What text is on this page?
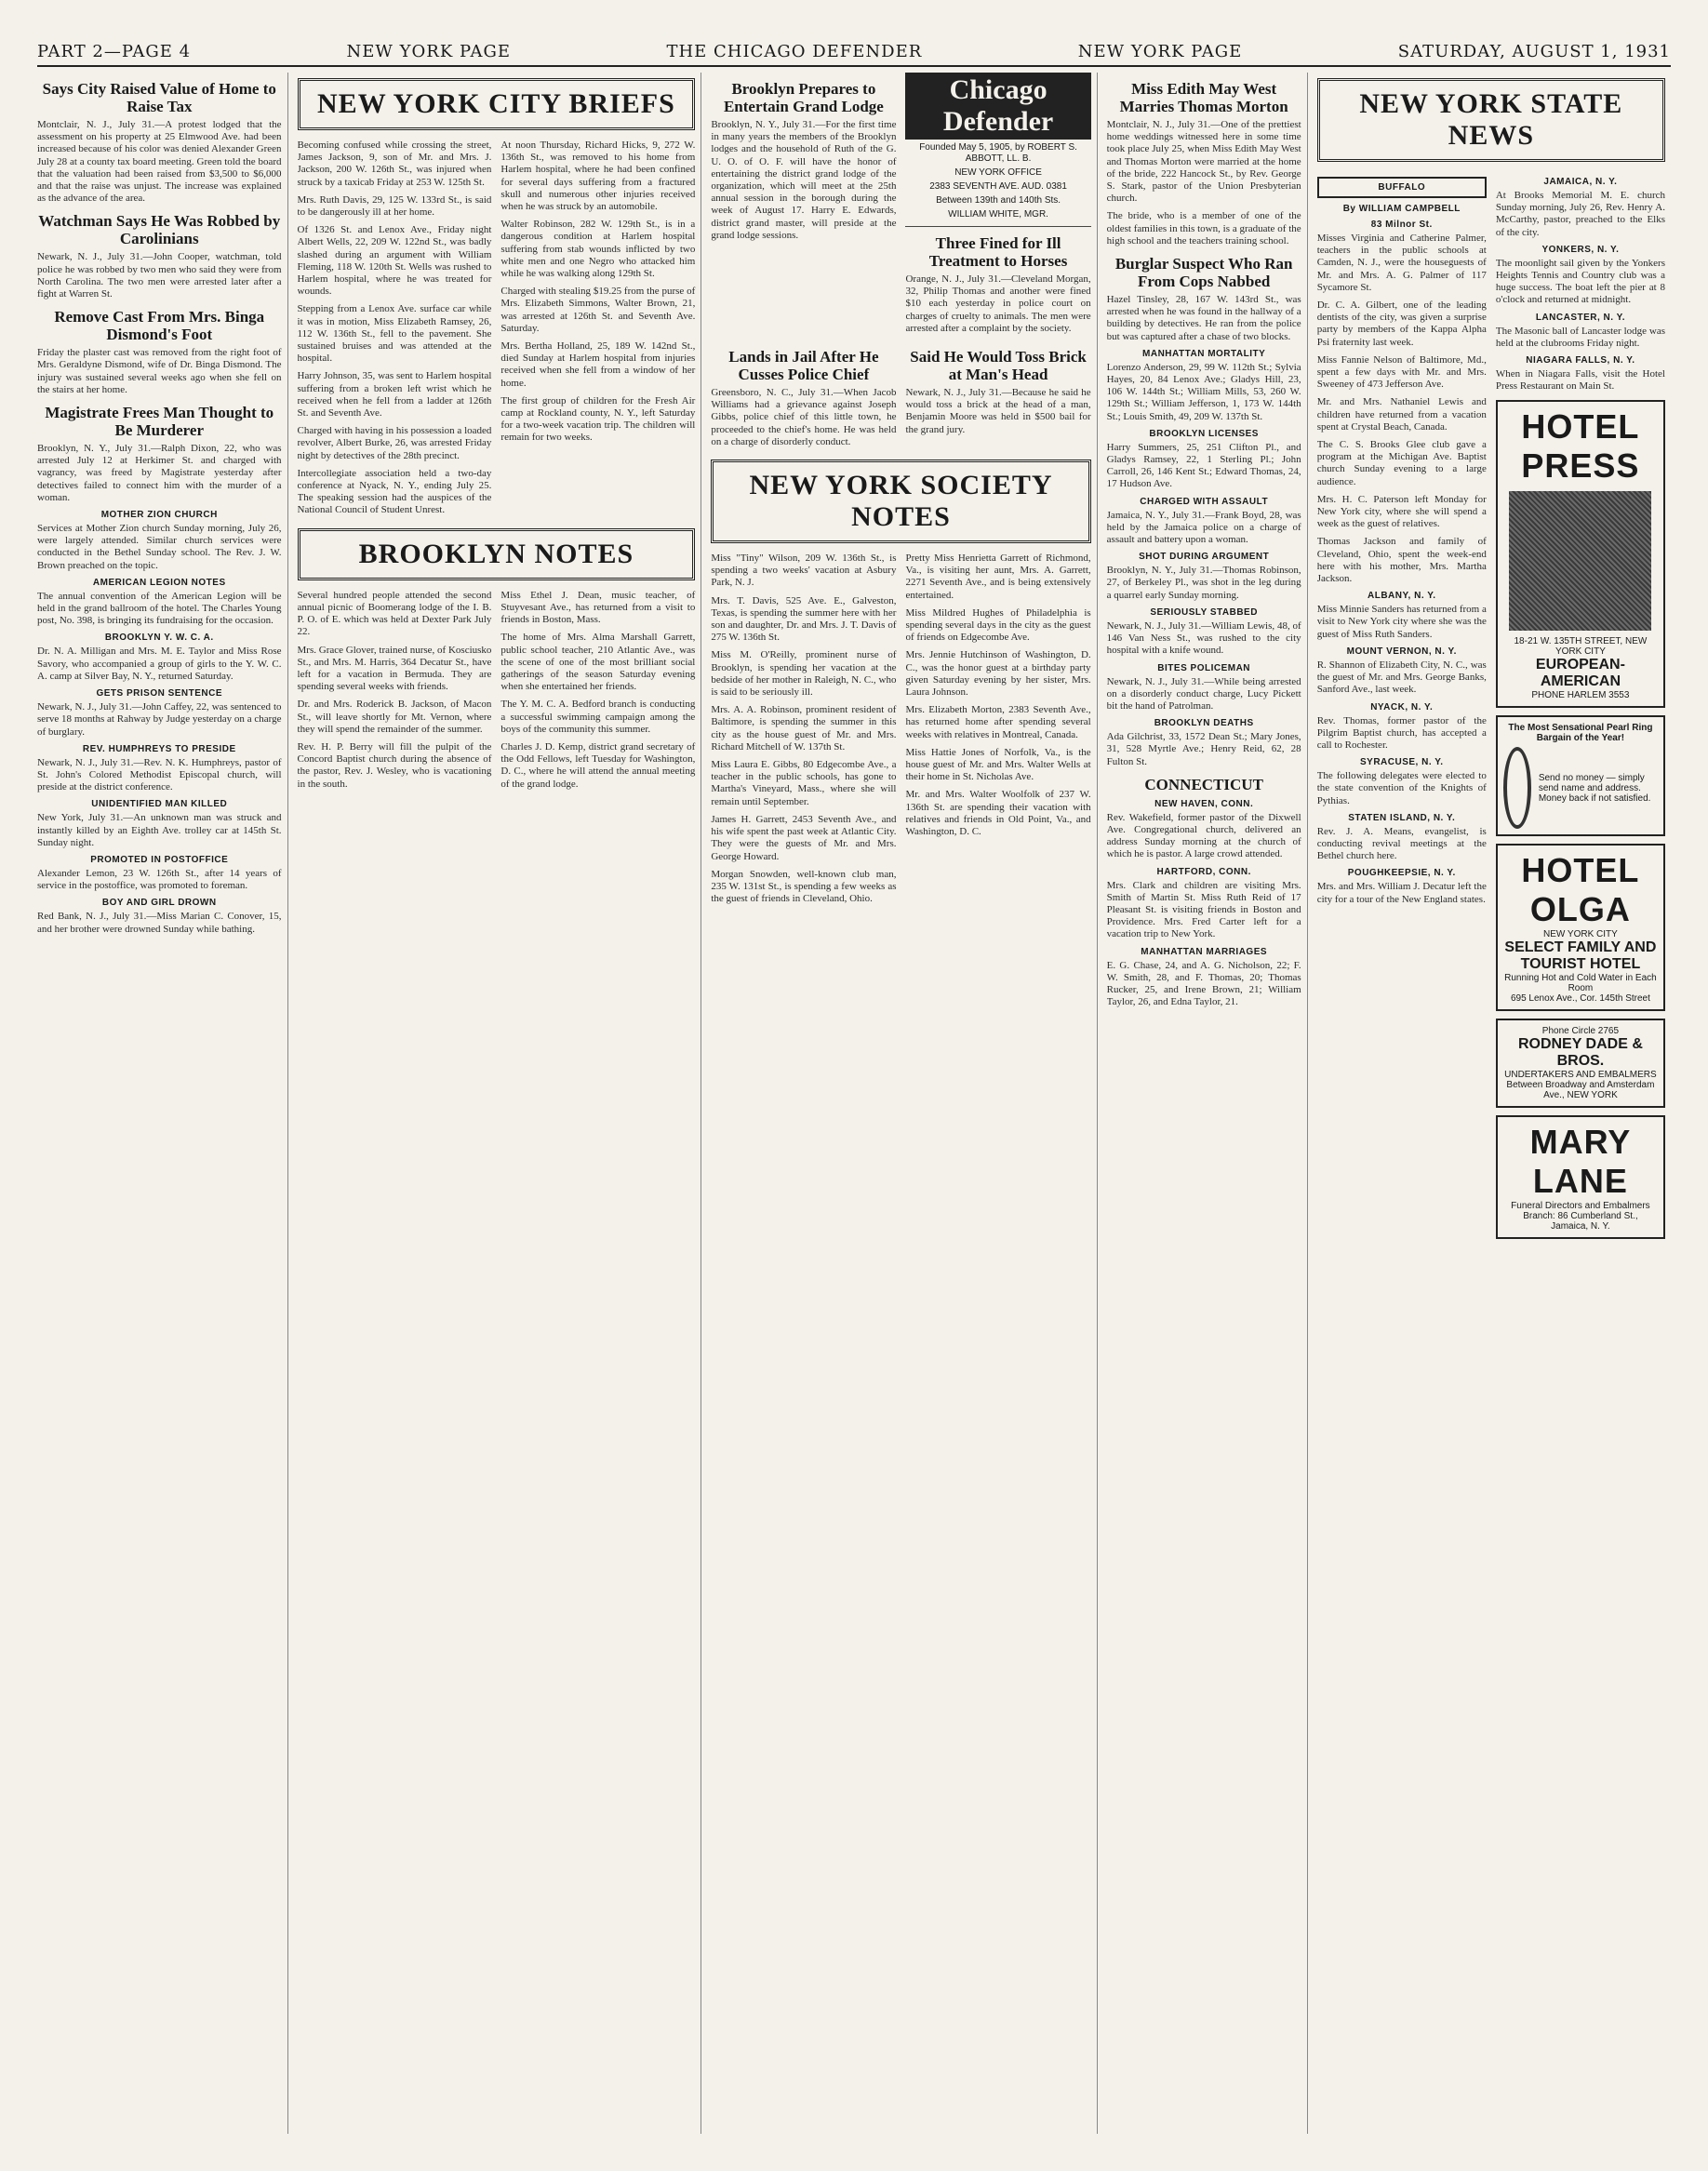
PART 2—PAGE 4	NEW YORK PAGE	THE CHICAGO DEFENDER	NEW YORK PAGE	SATURDAY, AUGUST 1, 1931
Says City Raised Value of Home to Raise Tax

Montclair, N. J., July 31.—A protest lodged that the assessment on his property at 25 Elmwood Ave. had been increased because of his color was denied Alexander Green July 28 at a county tax board meeting. Green told the board that the valuation had been raised from $3,500 to $6,000 and that the raise was unjust. The increase was explained as the advance of the area.

Watchman Says He Was Robbed by Carolinians

Newark, N. J., July 31.—John Cooper, watchman, told police he was robbed by two men who said they were from North Carolina. The two men were arrested later after a fight at Warren St.

Remove Cast From Mrs. Binga Dismond's Foot

Friday the plaster cast was removed from the right foot of Mrs. Geraldyne Dismond, wife of Dr. Binga Dismond. The injury was sustained several weeks ago when she fell on the stairs at her home.

Magistrate Frees Man Thought to Be Murderer

Brooklyn, N. Y., July 31.—Ralph Dixon, 22, who was arrested July 12 at Herkimer St. and charged with vagrancy, was freed by Magistrate yesterday after detectives failed to connect him with the murder of a woman.

MOTHER ZION CHURCH

Services at Mother Zion church Sunday morning, July 26, were largely attended. Similar church services were conducted in the Bethel Sunday school. The Rev. J. W. Brown preached on the topic.

AMERICAN LEGION NOTES

The annual convention of the American Legion will be held in the grand ballroom of the hotel. The Charles Young post, No. 398, is bringing its fundraising for the occasion.

BROOKLYN Y. W. C. A.

Dr. N. A. Milligan and Mrs. M. E. Taylor and Miss Rose Savory, who accompanied a group of girls to the Y. W. C. A. camp at Silver Bay, N. Y., returned Saturday.

GETS PRISON SENTENCE

Newark, N. J., July 31.—John Caffey, 22, was sentenced to serve 18 months at Rahway by Judge yesterday on a charge of burglary.

REV. HUMPHREYS TO PRESIDE

Newark, N. J., July 31.—Rev. N. K. Humphreys, pastor of St. John's Colored Methodist Episcopal church, will preside at the district conference.

UNIDENTIFIED MAN KILLED

New York, July 31.—An unknown man was struck and instantly killed by an Eighth Ave. trolley car at 145th St. Sunday night.

PROMOTED IN POSTOFFICE

Alexander Lemon, 23 W. 126th St., after 14 years of service in the postoffice, was promoted to foreman.

BOY AND GIRL DROWN

Red Bank, N. J., July 31.—Miss Marian C. Conover, 15, and her brother were drowned Sunday while bathing.

NEW YORK CITY BRIEFS

Becoming confused while crossing the street, James Jackson, 9, son of Mr. and Mrs. J. Jackson, 200 W. 126th St., was injured when struck by a taxicab Friday at 253 W. 125th St.

Mrs. Ruth Davis, 29, 125 W. 133rd St., is said to be dangerously ill at her home.

Of 1326 St. and Lenox Ave., Friday night Albert Wells, 22, 209 W. 122nd St., was badly slashed during an argument with William Fleming, 118 W. 120th St. Wells was rushed to Harlem hospital, where he was treated for wounds.

Stepping from a Lenox Ave. surface car while it was in motion, Miss Elizabeth Ramsey, 26, 112 W. 136th St., fell to the pavement. She sustained bruises and was attended at the hospital.

Harry Johnson, 35, was sent to Harlem hospital suffering from a broken left wrist which he received when he fell from a ladder at 126th St. and Seventh Ave.

Charged with having in his possession a loaded revolver, Albert Burke, 26, was arrested Friday night by detectives of the 28th precinct.

Intercollegiate association held a two-day conference at Nyack, N. Y., ending July 25. The speaking session had the auspices of the National Council of Student Unrest.

At noon Thursday, Richard Hicks, 9, 272 W. 136th St., was removed to his home from Harlem hospital, where he had been confined for several days suffering from a fractured skull and numerous other injuries received when he was struck by an automobile.

Walter Robinson, 282 W. 129th St., is in a dangerous condition at Harlem hospital suffering from stab wounds inflicted by two white men and one Negro who attacked him while he was walking along 129th St.

Charged with stealing $19.25 from the purse of Mrs. Elizabeth Simmons, Walter Brown, 21, was arrested at 126th St. and Seventh Ave. Saturday.

Mrs. Bertha Holland, 25, 189 W. 142nd St., died Sunday at Harlem hospital from injuries received when she fell from a window of her home.

The first group of children for the Fresh Air camp at Rockland county, N. Y., left Saturday for a two-week vacation trip. The children will remain for two weeks.

BROOKLYN NOTES

Several hundred people attended the second annual picnic of Boomerang lodge of the I. B. P. O. of E. which was held at Dexter Park July 22.

Mrs. Grace Glover, trained nurse, of Kosciusko St., and Mrs. M. Harris, 364 Decatur St., have left for a vacation in Bermuda. They are spending several weeks with friends.

Dr. and Mrs. Roderick B. Jackson, of Macon St., will leave shortly for Mt. Vernon, where they will spend the remainder of the summer.

Rev. H. P. Berry will fill the pulpit of the Concord Baptist church during the absence of the pastor, Rev. J. Wesley, who is vacationing in the south.

Miss Ethel J. Dean, music teacher, of Stuyvesant Ave., has returned from a visit to friends in Boston, Mass.

The home of Mrs. Alma Marshall Garrett, public school teacher, 210 Atlantic Ave., was the scene of one of the most brilliant social gatherings of the season Saturday evening when she entertained her friends.

The Y. M. C. A. Bedford branch is conducting a successful swimming campaign among the boys of the community this summer.

Charles J. D. Kemp, district grand secretary of the Odd Fellows, left Tuesday for Washington, D. C., where he will attend the annual meeting of the grand lodge.

Brooklyn Prepares to Entertain Grand Lodge

Brooklyn, N. Y., July 31.—For the first time in many years the members of the Brooklyn lodges and the household of Ruth of the G. U. O. of O. F. will have the honor of entertaining the district grand lodge of the organization, which will meet at the 25th annual session in the borough during the week of August 17. Harry E. Edwards, district grand master, will preside at the grand lodge sessions.

Chicago Defender
Founded May 5, 1905, by ROBERT S. ABBOTT, LL. B.
NEW YORK OFFICE
2383 SEVENTH AVE. AUD. 0381
Between 139th and 140th Sts.
WILLIAM WHITE, MGR.
Three Fined for Ill Treatment to Horses

Orange, N. J., July 31.—Cleveland Morgan, 32, Philip Thomas and another were fined $10 each yesterday in police court on charges of cruelty to animals. The men were arrested after a complaint by the society.

Lands in Jail After He Cusses Police Chief

Greensboro, N. C., July 31.—When Jacob Williams had a grievance against Joseph Gibbs, police chief of this little town, he proceeded to the chief's home. He was held on a charge of disorderly conduct.

Said He Would Toss Brick at Man's Head

Newark, N. J., July 31.—Because he said he would toss a brick at the head of a man, Benjamin Moore was held in $500 bail for the grand jury.

NEW YORK SOCIETY NOTES

Miss "Tiny" Wilson, 209 W. 136th St., is spending a two weeks' vacation at Asbury Park, N. J.

Mrs. T. Davis, 525 Ave. E., Galveston, Texas, is spending the summer here with her son and daughter, Dr. and Mrs. J. T. Davis of 275 W. 136th St.

Miss M. O'Reilly, prominent nurse of Brooklyn, is spending her vacation at the bedside of her mother in Raleigh, N. C., who is said to be seriously ill.

Mrs. A. A. Robinson, prominent resident of Baltimore, is spending the summer in this city as the house guest of Mr. and Mrs. Richard Mitchell of W. 137th St.

Miss Laura E. Gibbs, 80 Edgecombe Ave., a teacher in the public schools, has gone to Martha's Vineyard, Mass., where she will remain until September.

James H. Garrett, 2453 Seventh Ave., and his wife spent the past week at Atlantic City. They were the guests of Mr. and Mrs. George Howard.

Morgan Snowden, well-known club man, 235 W. 131st St., is spending a few weeks as the guest of friends in Cleveland, Ohio.

Pretty Miss Henrietta Garrett of Richmond, Va., is visiting her aunt, Mrs. A. Garrett, 2271 Seventh Ave., and is being extensively entertained.

Miss Mildred Hughes of Philadelphia is spending several days in the city as the guest of friends on Edgecombe Ave.

Mrs. Jennie Hutchinson of Washington, D. C., was the honor guest at a birthday party given Saturday evening by her sister, Mrs. Laura Johnson.

Mrs. Elizabeth Morton, 2383 Seventh Ave., has returned home after spending several weeks with relatives in Montreal, Canada.

Miss Hattie Jones of Norfolk, Va., is the house guest of Mr. and Mrs. Walter Wells at their home in St. Nicholas Ave.

Mr. and Mrs. Walter Woolfolk of 237 W. 136th St. are spending their vacation with relatives and friends in Old Point, Va., and Washington, D. C.

Miss Edith May West Marries Thomas Morton

Montclair, N. J., July 31.—One of the prettiest home weddings witnessed here in some time took place July 25, when Miss Edith May West and Thomas Morton were married at the home of the bride, 222 Hancock St., by Rev. George S. Stark, pastor of the Union Presbyterian church.

The bride, who is a member of one of the oldest families in this town, is a graduate of the high school and the teachers training school.

Burglar Suspect Who Ran From Cops Nabbed

Hazel Tinsley, 28, 167 W. 143rd St., was arrested when he was found in the hallway of a building by detectives. He ran from the police but was captured after a chase of two blocks.

MANHATTAN MORTALITY

Lorenzo Anderson, 29, 99 W. 112th St.; Sylvia Hayes, 20, 84 Lenox Ave.; Gladys Hill, 23, 106 W. 144th St.; William Mills, 53, 260 W. 129th St.; William Jefferson, 1, 173 W. 144th St.; Louis Smith, 49, 209 W. 137th St.

BROOKLYN LICENSES

Harry Summers, 25, 251 Clifton Pl., and Gladys Ramsey, 22, 1 Sterling Pl.; John Carroll, 26, 146 Kent St.; Edward Thomas, 24, 17 Hudson Ave.

CHARGED WITH ASSAULT

Jamaica, N. Y., July 31.—Frank Boyd, 28, was held by the Jamaica police on a charge of assault and battery upon a woman.

SHOT DURING ARGUMENT

Brooklyn, N. Y., July 31.—Thomas Robinson, 27, of Berkeley Pl., was shot in the leg during a quarrel early Sunday morning.

SERIOUSLY STABBED

Newark, N. J., July 31.—William Lewis, 48, of 146 Van Ness St., was rushed to the city hospital with a knife wound.

BITES POLICEMAN

Newark, N. J., July 31.—While being arrested on a disorderly conduct charge, Lucy Pickett bit the hand of Patrolman.

BROOKLYN DEATHS

Ada Gilchrist, 33, 1572 Dean St.; Mary Jones, 31, 528 Myrtle Ave.; Henry Reid, 62, 28 Fulton St.

CONNECTICUT
NEW HAVEN, CONN.

Rev. Wakefield, former pastor of the Dixwell Ave. Congregational church, delivered an address Sunday morning at the church of which he is pastor. A large crowd attended.

HARTFORD, CONN.

Mrs. Clark and children are visiting Mrs. Smith of Martin St. Miss Ruth Reid of 17 Pleasant St. is visiting friends in Boston and Providence. Mrs. Fred Carter left for a vacation trip to New York.

MANHATTAN MARRIAGES

E. G. Chase, 24, and A. G. Nicholson, 22; F. W. Smith, 28, and F. Thomas, 20; Thomas Rucker, 25, and Irene Brown, 21; William Taylor, 26, and Edna Taylor, 21.

NEW YORK STATE NEWS
BUFFALO
By WILLIAM CAMPBELL
83 Milnor St.

Misses Virginia and Catherine Palmer, teachers in the public schools at Camden, N. J., were the houseguests of Mr. and Mrs. A. G. Palmer of 117 Sycamore St.

Dr. C. A. Gilbert, one of the leading dentists of the city, was given a surprise party by members of the Kappa Alpha Psi fraternity last week.

Miss Fannie Nelson of Baltimore, Md., spent a few days with Mr. and Mrs. Sweeney of 473 Jefferson Ave.

Mr. and Mrs. Nathaniel Lewis and children have returned from a vacation spent at Crystal Beach, Canada.

The C. S. Brooks Glee club gave a program at the Michigan Ave. Baptist church Sunday evening to a large audience.

Mrs. H. C. Paterson left Monday for New York city, where she will spend a week as the guest of relatives.

Thomas Jackson and family of Cleveland, Ohio, spent the week-end here with his mother, Mrs. Martha Jackson.

ALBANY, N. Y.

Miss Minnie Sanders has returned from a visit to New York city where she was the guest of Miss Ruth Sanders.

MOUNT VERNON, N. Y.

R. Shannon of Elizabeth City, N. C., was the guest of Mr. and Mrs. George Banks, Sanford Ave., last week.

NYACK, N. Y.

Rev. Thomas, former pastor of the Pilgrim Baptist church, has accepted a call to Rochester.

SYRACUSE, N. Y.

The following delegates were elected to the state convention of the Knights of Pythias.

STATEN ISLAND, N. Y.

Rev. J. A. Means, evangelist, is conducting revival meetings at the Bethel church here.

POUGHKEEPSIE, N. Y.

Mrs. and Mrs. William J. Decatur left the city for a tour of the New England states.

JAMAICA, N. Y.

At Brooks Memorial M. E. church Sunday morning, July 26, Rev. Henry A. McCarthy, pastor, preached to the Elks of the city.

YONKERS, N. Y.

The moonlight sail given by the Yonkers Heights Tennis and Country club was a huge success. The boat left the pier at 8 o'clock and returned at midnight.

LANCASTER, N. Y.

The Masonic ball of Lancaster lodge was held at the clubrooms Friday night.

NIAGARA FALLS, N. Y.

When in Niagara Falls, visit the Hotel Press Restaurant on Main St.

HOTEL PRESS
18-21 W. 135TH STREET, NEW YORK CITY
EUROPEAN-AMERICAN
PHONE HARLEM 3553
The Most Sensational Pearl Ring Bargain of the Year!
Send no money — simply send name and address. Money back if not satisfied.
HOTEL OLGA
NEW YORK CITY
SELECT FAMILY AND TOURIST HOTEL
Running Hot and Cold Water in Each Room
695 Lenox Ave., Cor. 145th Street
Phone Circle 2765
RODNEY DADE & BROS.
UNDERTAKERS AND EMBALMERS
Between Broadway and Amsterdam Ave., NEW YORK
MARY LANE
Funeral Directors and Embalmers
Branch: 86 Cumberland St., Jamaica, N. Y.
